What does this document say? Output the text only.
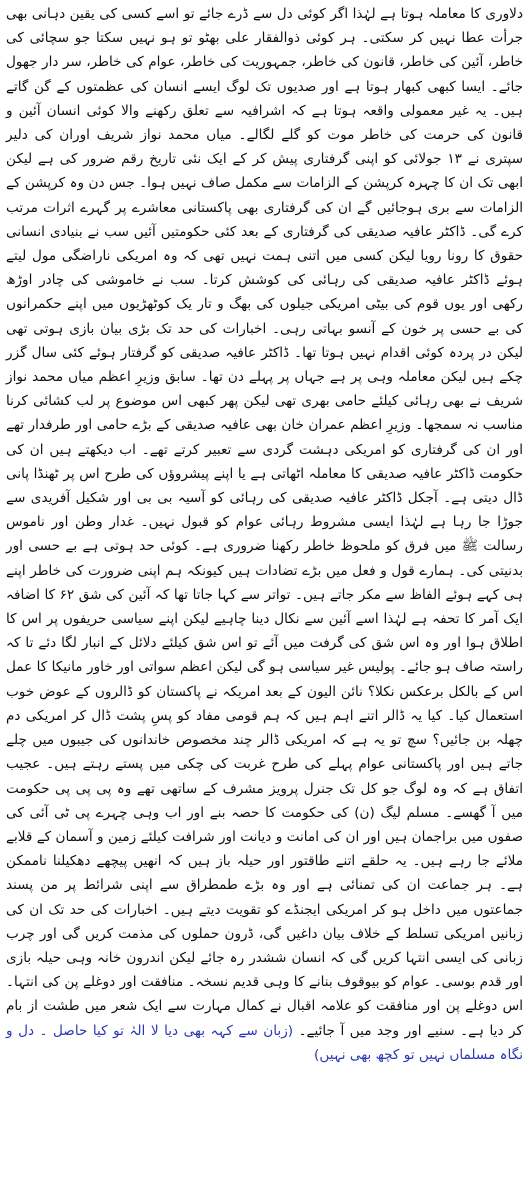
دلاوری کا معاملہ ہوتا ہے لہٰذا اگر کوئی دل سے ڈرے جائے تو اسے کسی کی یقین دہانی بھی جرأت عطا نہیں کر سکتی۔ ہر کوئی ذوالفقار علی بھٹو تو ہو نہیں سکتا جو سچائی کی خاطر، آئین کی خاطر، قانون کی خاطر، جمہوریت کی خاطر، عوام کی خاطر، سر دار جھول جائے۔ ایسا کبھی کبھار ہوتا ہے اور صدیوں تک لوگ ایسے انسان کی عظمتوں کے گن گاتے ہیں۔ یہ غیر معمولی واقعہ ہوتا ہے کہ اشرافیہ سے تعلق رکھنے والا کوئی انسان آئین و قانون کی حرمت کی خاطر موت کو گلے لگالے۔ میاں محمد نواز شریف اوران کی دلیر سپتری نے ۱۳ جولائی کو اپنی گرفتاری پیش کر کے ایک نئی تاریخ رقم ضرور کی ہے لیکن ابھی تک ان کا چہرہ کرپشن کے الزامات سے مکمل صاف نہیں ہوا۔ جس دن وہ کرپشن کے الزامات سے بری ہوجائیں گے ان کی گرفتاری بھی پاکستانی معاشرے پر گہرے اثرات مرتب کرے گی۔ ڈاکٹر عافیہ صدیقی کی گرفتاری کے بعد کئی حکومتیں آئیں سب نے بنیادی انسانی حقوق کا رونا رویا لیکن کسی میں اتنی ہمت نہیں تھی کہ وہ امریکی ناراضگی مول لیتے ہوئے ڈاکٹر عافیہ صدیقی کی رہائی کی کوشش کرتا۔ سب نے خاموشی کی چادر اوڑھ رکھی اور یوں قوم کی بیٹی امریکی جیلوں کی بھگ و تار یک کوٹھڑیوں میں اپنے حکمرانوں کی بے حسی پر خون کے آنسو بہاتی رہی۔ اخبارات کی حد تک بڑی بیان بازی ہوتی تھی لیکن در پردہ کوئی اقدام نہیں ہوتا تھا۔ ڈاکٹر عافیہ صدیقی کو گرفتار ہوئے کئی سال گزر چکے ہیں لیکن معاملہ وہی پر ہے جہاں پر پہلے دن تھا۔ سابق وزیرِ اعظم میاں محمد نواز شریف نے بھی رہائی کیلئے حامی بھری تھی لیکن پھر کبھی اس موضوع پر لب کشائی کرنا مناسب نہ سمجھا۔ وزیرِ اعظم عمران خان بھی عافیہ صدیقی کے بڑے حامی اور طرفدار تھے اور ان کی گرفتاری کو امریکی دہشت گردی سے تعبیر کرتے تھے۔ اب دیکھتے ہیں ان کی حکومت ڈاکٹر عافیہ صدیقی کا معاملہ اٹھاتی ہے یا اپنے پیشروؤں کی طرح اس پر ٹھنڈا پانی ڈال دیتی ہے۔ آجکل ڈاکٹر عافیہ صدیقی کی رہائی کو آسیہ بی بی اور شکیل آفریدی سے جوڑا جا رہا ہے لہٰذا ایسی مشروط رہائی عوام کو قبول نہیں۔ غدار وطن اور ناموس رسالت ﷺ میں فرق کو ملحوظ خاطر رکھنا ضروری ہے۔ کوئی حد ہوتی ہے بے حسی اور بدنیتی کی۔ ہمارے قول و فعل میں بڑے تضادات ہیں کیونکہ ہم اپنی ضرورت کی خاطر اپنے ہی کہے ہوئے الفاظ سے مکر جاتے ہیں۔ تواتر سے کہا جاتا تھا کہ آئین کی شق ۶۲ کا اضافہ ایک آمر کا تحفہ ہے لہٰذا اسے آئین سے نکال دینا چاہیے لیکن اپنے سیاسی حریفوں پر اس کا اطلاق ہوا اور وہ اس شق کی گرفت میں آئے تو اس شق کیلئے دلائل کے انبار لگا دئے تا کہ راستہ صاف ہو جائے۔ پولیس غیر سیاسی ہو گی لیکن اعظم سواتی اور خاور مانیکا کا عمل اس کے بالکل برعکس نکلا؟ نائن الیون کے بعد امریکہ نے پاکستان کو ڈالروں کے عوض خوب استعمال کیا۔ کیا یہ ڈالر اتنے اہم ہیں کہ ہم قومی مفاد کو پسِ پشت ڈال کر امریکی دم چھلہ بن جائیں؟ سچ تو یہ ہے کہ امریکی ڈالر چند مخصوص خاندانوں کی جیبوں میں چلے جاتے ہیں اور پاکستانی عوام پہلے کی طرح غربت کی چکی میں پستے رہتے ہیں۔ عجیب اتفاق ہے کہ وہ لوگ جو کل تک جنرل پرویز مشرف کے ساتھی تھے وہ پی پی پی حکومت میں آ گھسے۔ مسلم لیگ (ن) کی حکومت کا حصہ بنے اور اب وہی چہرے پی ٹی آئی کی صفوں میں براجمان ہیں اور ان کی امانت و دیانت اور شرافت کیلئے زمین و آسمان کے قلابے ملائے جا رہے ہیں۔ یہ حلقے اتنے طاقتور اور حیلہ باز ہیں کہ انھیں پیچھے دھکیلنا ناممکن ہے۔ ہر جماعت ان کی تمنائی ہے اور وہ بڑے طمطراق سے اپنی شرائط پر من پسند جماعتوں میں داخل ہو کر امریکی ایجنڈے کو تقویت دیتے ہیں۔ اخبارات کی حد تک ان کی زبانیں امریکی تسلط کے خلاف بیان داغیں گی، ڈرون حملوں کی مذمت کریں گی اور چرب زبانی کی ایسی انتہا کریں گی کہ انسان ششدر رہ جائے لیکن اندرون خانہ وہی حیلہ بازی اور قدم بوسی۔ عوام کو بیوقوف بنانے کا وہی قدیم نسخہ۔ منافقت اور دوغلے پن کی انتہا۔ اس دوغلے پن اور منافقت کو علامہ اقبال نے کمال مہارت سے ایک شعر میں طشت از بام کر دیا ہے۔ سنیے اور وجد میں آ جائیے۔ (زبان سے کہہ بھی دیا لا الہٰ تو کیا حاصل ۔ دل و نگاہ مسلماں نہیں تو کچھ بھی نہیں)
